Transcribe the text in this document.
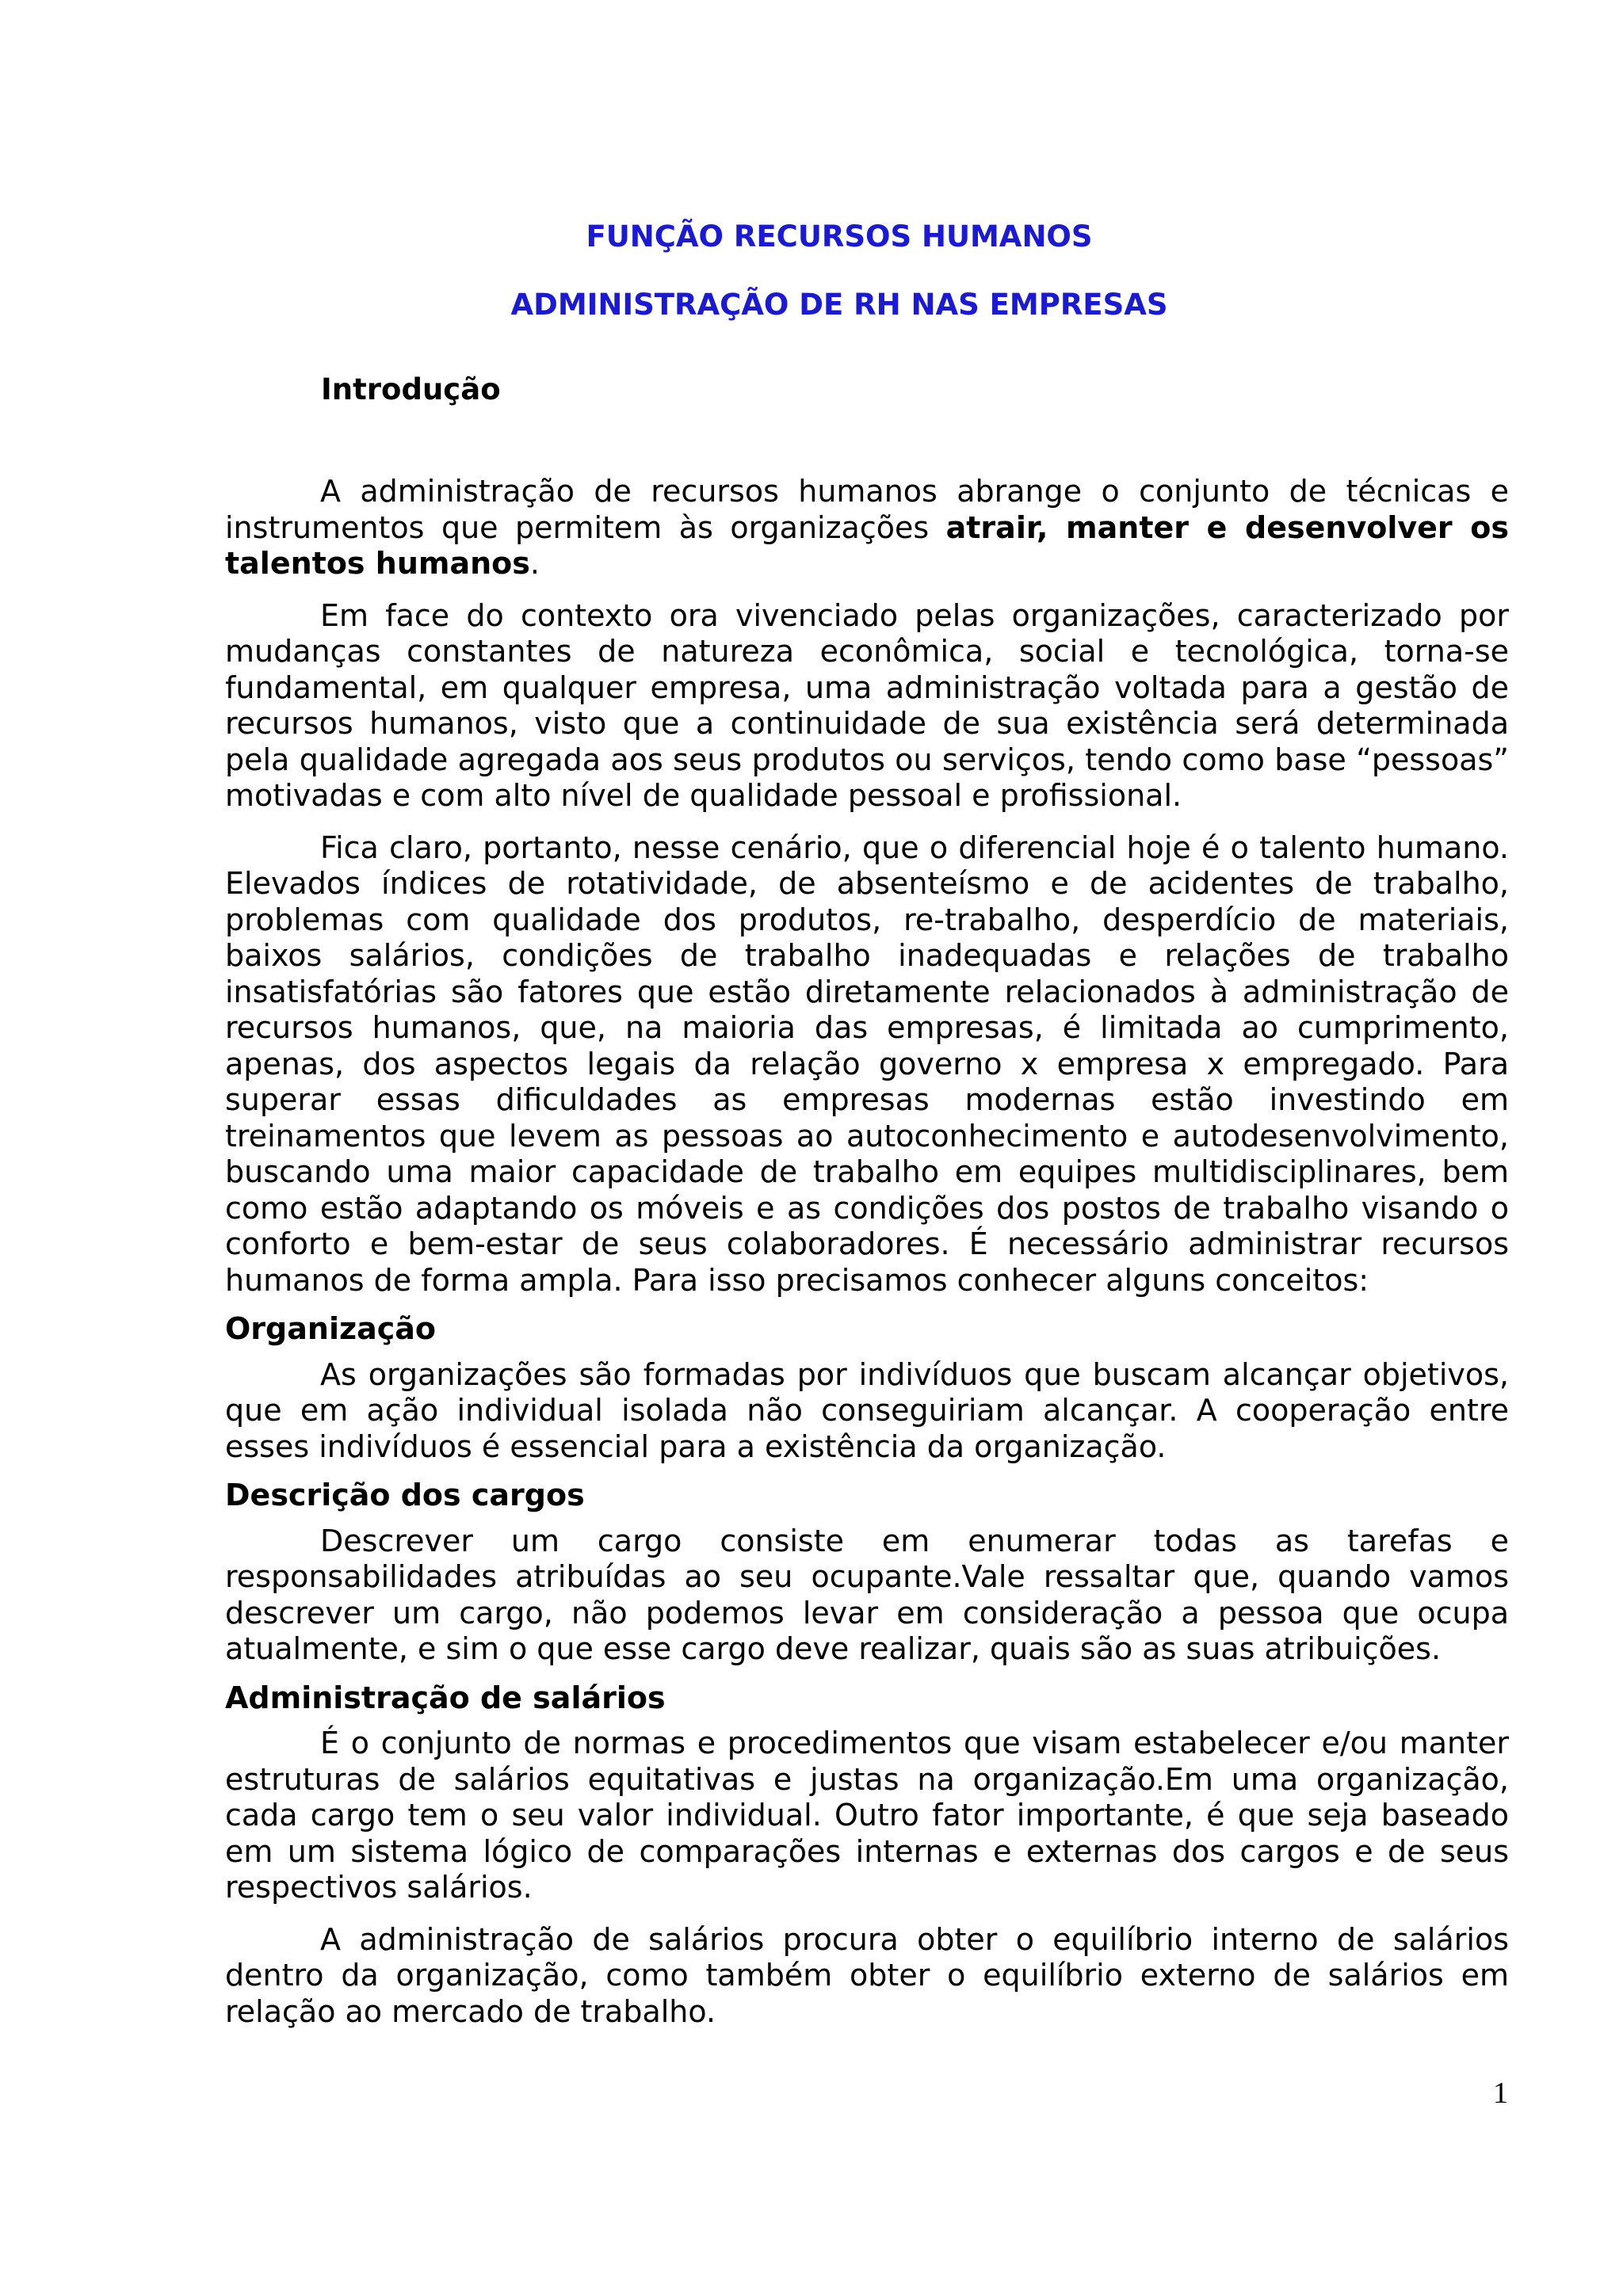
FUNÇÃO RECURSOS HUMANOS
ADMINISTRAÇÃO DE RH NAS EMPRESAS
Introdução

A administração de recursos humanos abrange o conjunto de técnicas e instrumentos que permitem às organizações atrair, manter e desenvolver os talentos humanos.

Em face do contexto ora vivenciado pelas organizações, caracterizado por mudanças constantes de natureza econômica, social e tecnológica, torna-se fundamental, em qualquer empresa, uma administração voltada para a gestão de recursos humanos, visto que a continuidade de sua existência será determinada pela qualidade agregada aos seus produtos ou serviços, tendo como base “pessoas” motivadas e com alto nível de qualidade pessoal e profissional.

Fica claro, portanto, nesse cenário, que o diferencial hoje é o talento humano. Elevados índices de rotatividade, de absenteísmo e de acidentes de trabalho, problemas com qualidade dos produtos, re-trabalho, desperdício de materiais, baixos salários, condições de trabalho inadequadas e relações de trabalho insatisfatórias são fatores que estão diretamente relacionados à administração de recursos humanos, que, na maioria das empresas, é limitada ao cumprimento, apenas, dos aspectos legais da relação governo x empresa x empregado. Para superar essas dificuldades as empresas modernas estão investindo em treinamentos que levem as pessoas ao autoconhecimento e autodesenvolvimento, buscando uma maior capacidade de trabalho em equipes multidisciplinares, bem como estão adaptando os móveis e as condições dos postos de trabalho visando o conforto e bem-estar de seus colaboradores. É necessário administrar recursos humanos de forma ampla. Para isso precisamos conhecer alguns conceitos:

Organização

As organizações são formadas por indivíduos que buscam alcançar objetivos, que em ação individual isolada não conseguiriam alcançar. A cooperação entre esses indivíduos é essencial para a existência da organização.

Descrição dos cargos

Descrever um cargo consiste em enumerar todas as tarefas e responsabilidades atribuídas ao seu ocupante.Vale ressaltar que, quando vamos descrever um cargo, não podemos levar em consideração a pessoa que ocupa atualmente, e sim o que esse cargo deve realizar, quais são as suas atribuições.

Administração de salários

É o conjunto de normas e procedimentos que visam estabelecer e/ou manter estruturas de salários equitativas e justas na organização.Em uma organização, cada cargo tem o seu valor individual. Outro fator importante, é que seja baseado em um sistema lógico de comparações internas e externas dos cargos e de seus respectivos salários.

A administração de salários procura obter o equilíbrio interno de salários dentro da organização, como também obter o equilíbrio externo de salários em relação ao mercado de trabalho.

1
